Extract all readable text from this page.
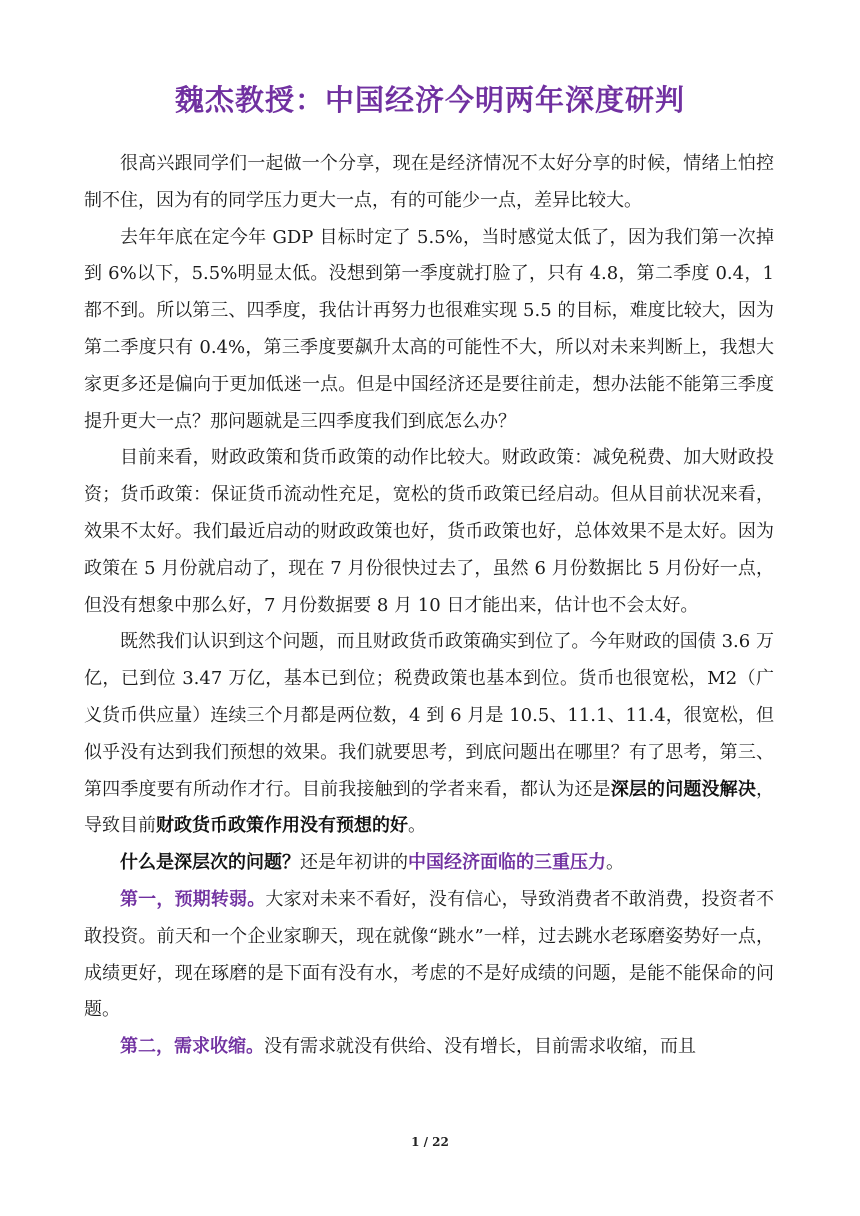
魏杰教授：中国经济今明两年深度研判

很高兴跟同学们一起做一个分享，现在是经济情况不太好分享的时候，情绪上怕控制不住，因为有的同学压力更大一点，有的可能少一点，差异比较大。

去年年底在定今年 GDP 目标时定了 5.5%，当时感觉太低了，因为我们第一次掉到 6%以下，5.5%明显太低。没想到第一季度就打脸了，只有 4.8，第二季度 0.4，1 都不到。所以第三、四季度，我估计再努力也很难实现 5.5 的目标，难度比较大，因为第二季度只有 0.4%，第三季度要飙升太高的可能性不大，所以对未来判断上，我想大家更多还是偏向于更加低迷一点。但是中国经济还是要往前走，想办法能不能第三季度提升更大一点？那问题就是三四季度我们到底怎么办？

目前来看，财政政策和货币政策的动作比较大。财政政策：减免税费、加大财政投资；货币政策：保证货币流动性充足，宽松的货币政策已经启动。但从目前状况来看，效果不太好。我们最近启动的财政政策也好，货币政策也好，总体效果不是太好。因为政策在 5 月份就启动了，现在 7 月份很快过去了，虽然 6 月份数据比 5 月份好一点，但没有想象中那么好，7 月份数据要 8 月 10 日才能出来，估计也不会太好。

既然我们认识到这个问题，而且财政货币政策确实到位了。今年财政的国债 3.6 万亿，已到位 3.47 万亿，基本已到位；税费政策也基本到位。货币也很宽松，M2（广义货币供应量）连续三个月都是两位数，4 到 6 月是 10.5、11.1、11.4，很宽松，但似乎没有达到我们预想的效果。我们就要思考，到底问题出在哪里？有了思考，第三、第四季度要有所动作才行。目前我接触到的学者来看，都认为还是深层的问题没解决，导致目前财政货币政策作用没有预想的好。

什么是深层次的问题？还是年初讲的中国经济面临的三重压力。

第一，预期转弱。大家对未来不看好，没有信心，导致消费者不敢消费，投资者不敢投资。前天和一个企业家聊天，现在就像“跳水”一样，过去跳水老琢磨姿势好一点，成绩更好，现在琢磨的是下面有没有水，考虑的不是好成绩的问题，是能不能保命的问题。

第二，需求收缩。没有需求就没有供给、没有增长，目前需求收缩，而且

1 / 22
